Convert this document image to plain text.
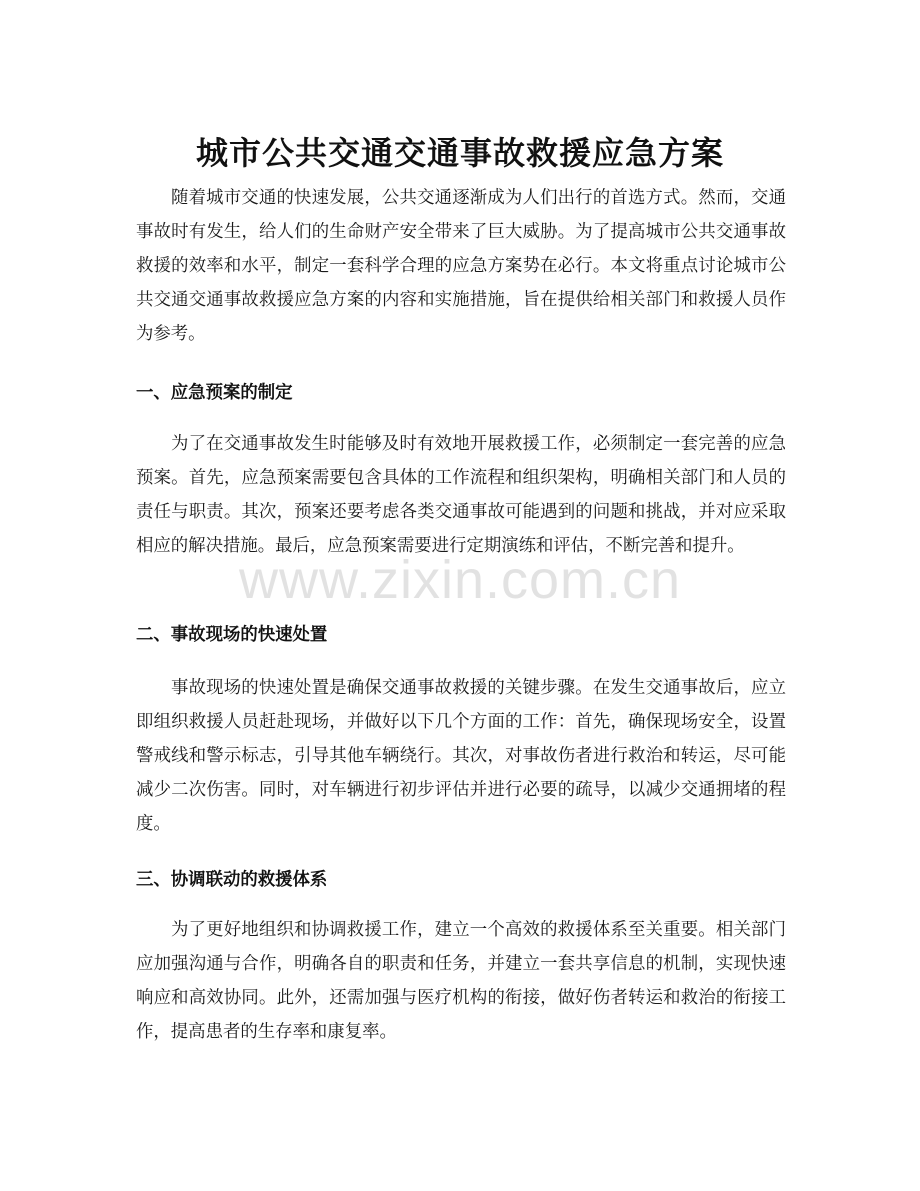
城市公共交通交通事故救援应急方案

随着城市交通的快速发展，公共交通逐渐成为人们出行的首选方式。然而，交通事故时有发生，给人们的生命财产安全带来了巨大威胁。为了提高城市公共交通事故救援的效率和水平，制定一套科学合理的应急方案势在必行。本文将重点讨论城市公共交通交通事故救援应急方案的内容和实施措施，旨在提供给相关部门和救援人员作为参考。

一、应急预案的制定

为了在交通事故发生时能够及时有效地开展救援工作，必须制定一套完善的应急预案。首先，应急预案需要包含具体的工作流程和组织架构，明确相关部门和人员的责任与职责。其次，预案还要考虑各类交通事故可能遇到的问题和挑战，并对应采取相应的解决措施。最后，应急预案需要进行定期演练和评估，不断完善和提升。

二、事故现场的快速处置

事故现场的快速处置是确保交通事故救援的关键步骤。在发生交通事故后，应立即组织救援人员赶赴现场，并做好以下几个方面的工作：首先，确保现场安全，设置警戒线和警示标志，引导其他车辆绕行。其次，对事故伤者进行救治和转运，尽可能减少二次伤害。同时，对车辆进行初步评估并进行必要的疏导，以减少交通拥堵的程度。

三、协调联动的救援体系

为了更好地组织和协调救援工作，建立一个高效的救援体系至关重要。相关部门应加强沟通与合作，明确各自的职责和任务，并建立一套共享信息的机制，实现快速响应和高效协同。此外，还需加强与医疗机构的衔接，做好伤者转运和救治的衔接工作，提高患者的生存率和康复率。

www.zixin.com.cn
